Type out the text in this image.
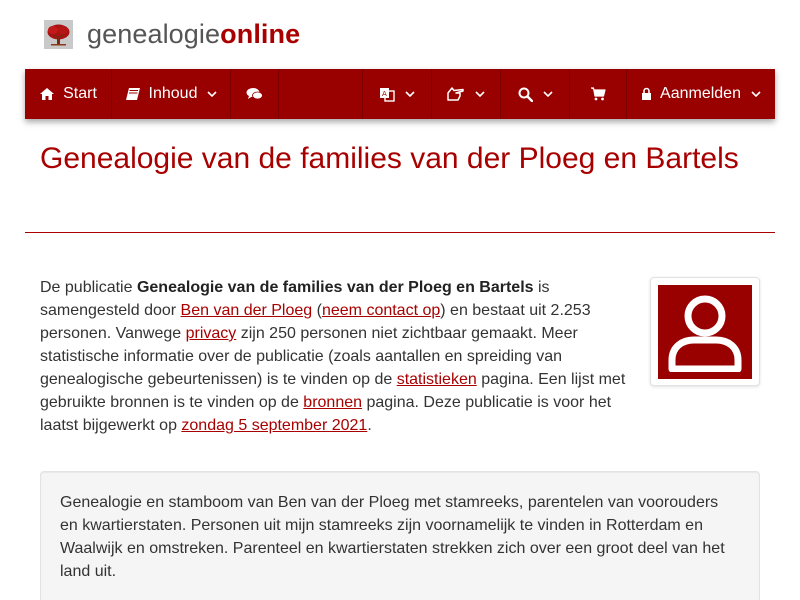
genealogieonline
Start	Inhoud	A	Aanmelden
Genealogie van de families van der Ploeg en Bartels

De publicatie Genealogie van de families van der Ploeg en Bartels is samengesteld door Ben van der Ploeg (neem contact op) en bestaat uit 2.253 personen. Vanwege privacy zijn 250 personen niet zichtbaar gemaakt. Meer statistische informatie over de publicatie (zoals aantallen en spreiding van genealogische gebeurtenissen) is te vinden op de statistieken pagina. Een lijst met gebruikte bronnen is te vinden op de bronnen pagina. Deze publicatie is voor het laatst bijgewerkt op zondag 5 september 2021.

Genealogie en stamboom van Ben van der Ploeg met stamreeks, parentelen van voorouders en kwartierstaten. Personen uit mijn stamreeks zijn voornamelijk te vinden in Rotterdam en Waalwijk en omstreken. Parenteel en kwartierstaten strekken zich over een groot deel van het land uit.
